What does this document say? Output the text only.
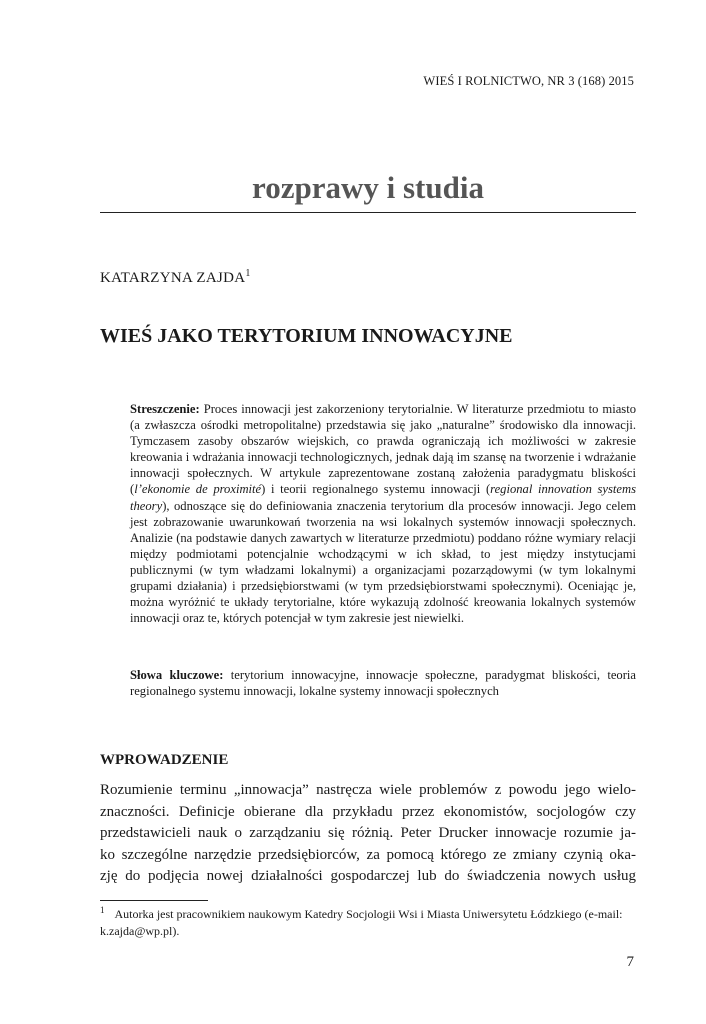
WIEŚ I ROLNICTWO, NR 3 (168) 2015
rozprawy i studia
KATARZYNA ZAJDA$^1$
WIEŚ JAKO TERYTORIUM INNOWACYJNE
Streszczenie: Proces innowacji jest zakorzeniony terytorialnie. W literaturze przedmiotu to miasto (a zwłaszcza ośrodki metropolitalne) przedstawia się jako „naturalne” środowisko dla innowacji. Tymczasem zasoby obszarów wiejskich, co prawda ograniczają ich możliwości w zakresie kreowania i wdrażania innowacji technologicznych, jednak dają im szansę na tworzenie i wdrażanie innowacji społecznych. W artykule zaprezentowane zostaną założenia paradygmatu bliskości (l’ekonomie de proximité) i teorii regionalnego systemu innowacji (regional innovation systems theory), odnoszące się do definiowania znaczenia terytorium dla procesów innowacji. Jego celem jest zobrazowanie uwarunkowań tworzenia na wsi lokalnych systemów innowacji społecznych. Analizie (na podstawie danych zawartych w literaturze przedmiotu) poddano różne wymiary relacji między podmiotami potencjalnie wchodzącymi w ich skład, to jest między instytucjami publicznymi (w tym władzami lokalnymi) a organizacjami pozarządowymi (w tym lokalnymi grupami działania) i przedsiębiorstwami (w tym przedsiębiorstwami społecznymi). Oceniając je, można wyróżnić te układy terytorialne, które wykazują zdolność kreowania lokalnych systemów innowacji oraz te, których potencjał w tym zakresie jest niewielki.
Słowa kluczowe: terytorium innowacyjne, innowacje społeczne, paradygmat bliskości, teoria regionalnego systemu innowacji, lokalne systemy innowacji społecznych
WPROWADZENIE
Rozumienie terminu „innowacja” nastręcza wiele problemów z powodu jego wielo-
znaczności. Definicje obierane dla przykładu przez ekonomistów, socjologów czy
przedstawicieli nauk o zarządzaniu się różnią. Peter Drucker innowacje rozumie ja-
ko szczególne narzędzie przedsiębiorców, za pomocą którego ze zmiany czynią oka-
zję do podjęcia nowej działalności gospodarczej lub do świadczenia nowych usług
$^1$ Autorka jest pracownikiem naukowym Katedry Socjologii Wsi i Miasta Uniwersytetu Łódzkiego (e-mail: k.zajda@wp.pl).
7
